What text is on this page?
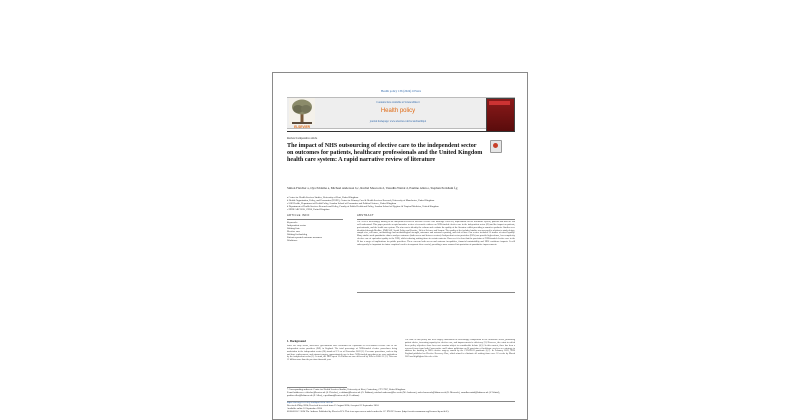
Health policy 136 (2024) 105xxx
ELSEVIER
Contents lists available at ScienceDirect
Health policy
journal homepage: www.elsevier.com/locate/healthpol
Review/Comparative article
The impact of NHS outsourcing of elective care to the independent sector on outcomes for patients, healthcare professionals and the United Kingdom health care system: A rapid narrative review of literature
Simon Fletcher a, Oya Eddama a, Michael Anderson b,c, Rachel Meacock d, Vasudha Wattal d, Pauline Allen e, Stephen Peckham f,g
a Centre for Health Services Studies, University of Kent, United Kingdom
b Health Organisation, Policy, and Economics (HOPE), Centre for Primary Care & Health Services Research, University of Manchester, United Kingdom
c LSE Health, Department of Health Policy, London School of Economics and Political Science, United Kingdom
d Department of Health Services Research and Policy, Faculty of Public Health and Policy, London School of Hygiene & Tropical Medicine, United Kingdom
e NIHR ARC KSS, CHSS, United Kingdom
ARTICLE INFO
Keywords:
Independent sector
Waiting lists
Elective care
Waiting list backlog
Patient reported outcome measures
Workforce
ABSTRACT
The NHS is increasingly turning to the independent sector to alleviate elective care backlogs. However, implications for the healthcare system, patients and staff are not well understood. This paper provides a rapid narrative review of research evidence on NHS-funded elective care in the independent sector (IS) and the impact on patients, professionals, and the health care system. The aim was to identify the volume and evaluate the quality of the literature whilst providing a narrative synthesis. Studies were identified through Medline, EMBASE, Social Policy and Practice, Web of Science and Scopus. The quality of the included studies was assessed in relation to study design, sample size, relevance, methodology and methodological strength, outcomes and outcome reporting, and risk of bias. Our review included 35 studies of mixed quality. Many studies used quantitative data to analyse outcomes (both access and between sectors). Independent sector providers (ISPs) can provide high-volume, low-complexity elective care of equivalent quality to the NHS, whilst reducing waiting times in certain contexts. However it is clear that the provision of NHS-funded elective care in the IS has a range of implications for public providers. These concern both access and outcome inequalities, financial sustainability and NHS workforce impacts. It will subsequently be important for future empirical work to incorporate these crucial, providing a more nuanced interpretation of quantitative improvements.
1. Background
Since the early 2000s, successive governments have facilitated the expansion of NHS-funded elective care to the independent sector providers (ISP) in England. The total percentage of NHS-funded elective procedures being undertaken in the independent sector (IS) stands at 9 % as of November 2022 [1]. For some procedures, such as hip and knee replacements, and cataract surgery, approximately one in three NHS-funded procedures are now undertaken by the independent sector [1]. In total, the NHS spent 13.4 billion on care delivered by ISPs in 2020–21 [2]. This was 12 billion more than the previous financial year.
The state of this policy has been largely understood as increasingly competition in the healthcare sector, promoting patient choice, increasing capacity for elective care, and improvements in efficiency [3]. However, the extent to which these policy objectives have been met remains subject to considerable debate [4,5]. In this context, there has been a renewed focus from both Conservative and Labour politicians on IS provision of healthcare services as a strategy to address the backlog in NHS elective surgery caused by the COVID-19 pandemic [6,7]. In February 2022, NHS England published an Elective Recovery Plan, which aimed to eliminate all waiting times over 52 weeks by March 2025 and highlighted the role of the
* Corresponding author at: Centre for Health Services Studies, University of Kent, Canterbury, CT2 7NZ, United Kingdom.
E-mail addresses: s.fletcher@kent.ac.uk (S. Fletcher), o.eddama@kent.ac.uk (O. Eddama), michael.anderson@lse.ac.uk (M. Anderson), rachel.meacock@lshtm.ac.uk (R. Meacock), vasudha.wattal@lshtm.ac.uk (V. Wattal), pauline.allen@lshtm.ac.uk (P. Allen), s.peckham@kent.ac.uk (S. Peckham).
https://doi.org/10.1016/j.healthpol.2024.105146
Received 4 May 2024; Received in revised form 15 August 2024; Accepted 12 September 2024
Available online 16 September 2024
0168-8510/© 2024 The Authors. Published by Elsevier B.V. This is an open access article under the CC BY-NC license (http://creativecommons.org/licenses/by-nc/4.0/).
